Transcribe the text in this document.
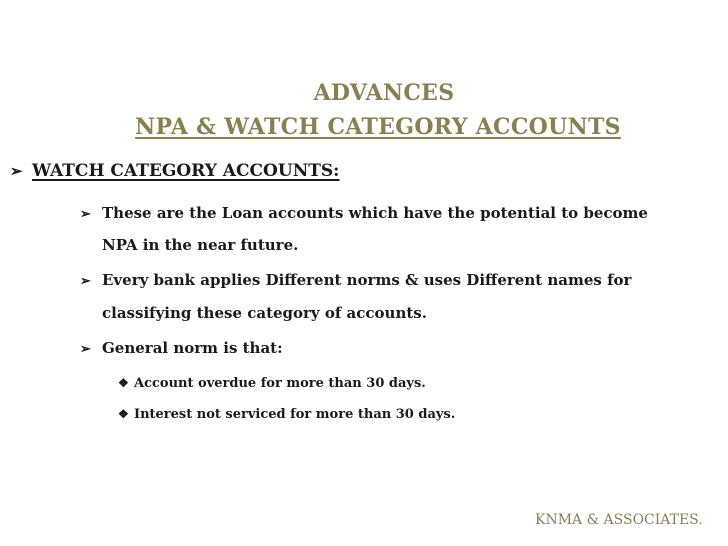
ADVANCES
NPA & WATCH CATEGORY ACCOUNTS
➢ WATCH CATEGORY ACCOUNTS:
➢ These are the Loan accounts which have the potential to become
NPA in the near future.
➢ Every bank applies Different norms & uses Different names for
classifying these category of accounts.
➢ General norm is that:
❖ Account overdue for more than 30 days.
❖ Interest not serviced for more than 30 days.
KNMA & ASSOCIATES.
